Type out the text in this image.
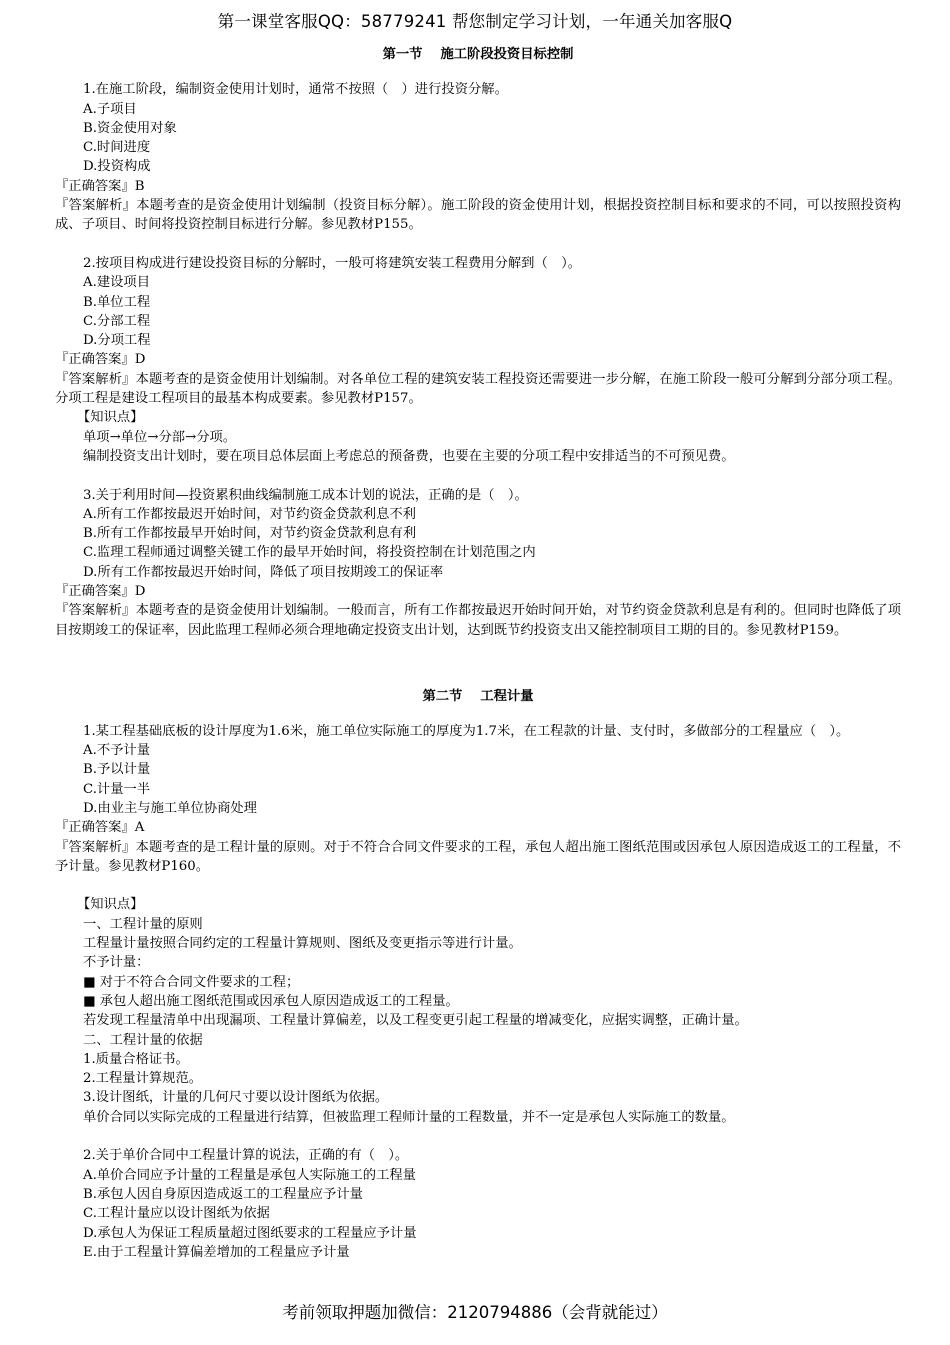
第一课堂客服QQ：58779241 帮您制定学习计划，一年通关加客服Q
第一节 施工阶段投资目标控制
1.在施工阶段，编制资金使用计划时，通常不按照（　）进行投资分解。
A.子项目
B.资金使用对象
C.时间进度
D.投资构成
『正确答案』B
『答案解析』本题考查的是资金使用计划编制（投资目标分解）。施工阶段的资金使用计划，根据投资控制目标和要求的不同，可以按照投资构成、子项目、时间将投资控制目标进行分解。参见教材P155。
2.按项目构成进行建设投资目标的分解时，一般可将建筑安装工程费用分解到（　）。
A.建设项目
B.单位工程
C.分部工程
D.分项工程
『正确答案』D
『答案解析』本题考查的是资金使用计划编制。对各单位工程的建筑安装工程投资还需要进一步分解，在施工阶段一般可分解到分部分项工程。分项工程是建设工程项目的最基本构成要素。参见教材P157。
【知识点】
单项→单位→分部→分项。
编制投资支出计划时，要在项目总体层面上考虑总的预备费，也要在主要的分项工程中安排适当的不可预见费。
3.关于利用时间—投资累积曲线编制施工成本计划的说法，正确的是（　）。
A.所有工作都按最迟开始时间，对节约资金贷款利息不利
B.所有工作都按最早开始时间，对节约资金贷款利息有利
C.监理工程师通过调整关键工作的最早开始时间，将投资控制在计划范围之内
D.所有工作都按最迟开始时间，降低了项目按期竣工的保证率
『正确答案』D
『答案解析』本题考查的是资金使用计划编制。一般而言，所有工作都按最迟开始时间开始，对节约资金贷款利息是有利的。但同时也降低了项目按期竣工的保证率，因此监理工程师必须合理地确定投资支出计划，达到既节约投资支出又能控制项目工期的目的。参见教材P159。
第二节 工程计量
1.某工程基础底板的设计厚度为1.6米，施工单位实际施工的厚度为1.7米，在工程款的计量、支付时，多做部分的工程量应（　）。
A.不予计量
B.予以计量
C.计量一半
D.由业主与施工单位协商处理
『正确答案』A
『答案解析』本题考查的是工程计量的原则。对于不符合合同文件要求的工程，承包人超出施工图纸范围或因承包人原因造成返工的工程量，不予计量。参见教材P160。
【知识点】
一、工程计量的原则
工程量计量按照合同约定的工程量计算规则、图纸及变更指示等进行计量。
不予计量：
■ 对于不符合合同文件要求的工程；
■ 承包人超出施工图纸范围或因承包人原因造成返工的工程量。
若发现工程量清单中出现漏项、工程量计算偏差，以及工程变更引起工程量的增减变化，应据实调整，正确计量。
二、工程计量的依据
1.质量合格证书。
2.工程量计算规范。
3.设计图纸，计量的几何尺寸要以设计图纸为依据。
单价合同以实际完成的工程量进行结算，但被监理工程师计量的工程数量，并不一定是承包人实际施工的数量。
2.关于单价合同中工程量计算的说法，正确的有（　）。
A.单价合同应予计量的工程量是承包人实际施工的工程量
B.承包人因自身原因造成返工的工程量应予计量
C.工程计量应以设计图纸为依据
D.承包人为保证工程质量超过图纸要求的工程量应予计量
E.由于工程量计算偏差增加的工程量应予计量
考前领取押题加微信：2120794886（会背就能过）
